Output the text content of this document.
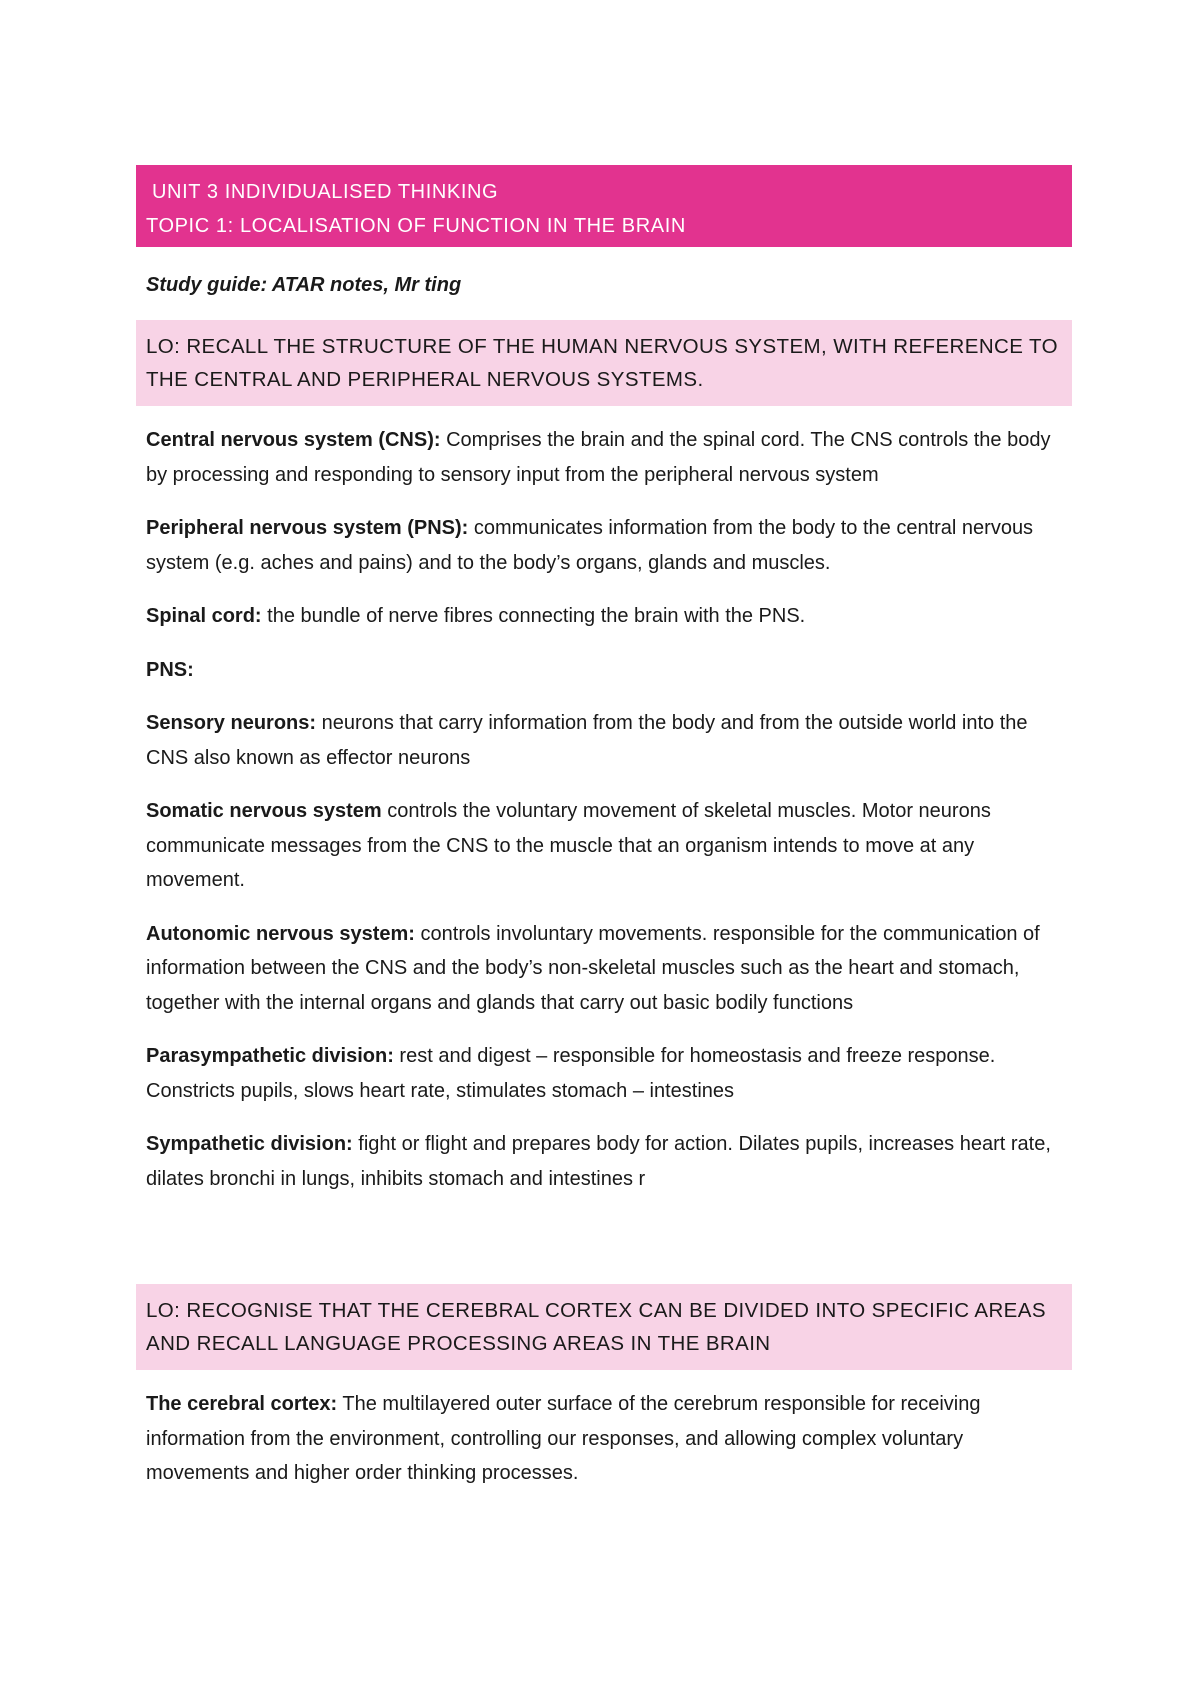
UNIT 3 INDIVIDUALISED THINKING
TOPIC 1: LOCALISATION OF FUNCTION IN THE BRAIN
Study guide: ATAR notes, Mr ting
LO: RECALL THE STRUCTURE OF THE HUMAN NERVOUS SYSTEM, WITH REFERENCE TO THE CENTRAL AND PERIPHERAL NERVOUS SYSTEMS.
Central nervous system (CNS): Comprises the brain and the spinal cord. The CNS controls the body by processing and responding to sensory input from the peripheral nervous system
Peripheral nervous system (PNS): communicates information from the body to the central nervous system (e.g. aches and pains) and to the body’s organs, glands and muscles.
Spinal cord: the bundle of nerve fibres connecting the brain with the PNS.
PNS:
Sensory neurons: neurons that carry information from the body and from the outside world into the CNS also known as effector neurons
Somatic nervous system controls the voluntary movement of skeletal muscles. Motor neurons communicate messages from the CNS to the muscle that an organism intends to move at any movement.
Autonomic nervous system: controls involuntary movements. responsible for the communication of information between the CNS and the body’s non-skeletal muscles such as the heart and stomach, together with the internal organs and glands that carry out basic bodily functions
Parasympathetic division: rest and digest – responsible for homeostasis and freeze response. Constricts pupils, slows heart rate, stimulates stomach – intestines
Sympathetic division: fight or flight and prepares body for action. Dilates pupils, increases heart rate, dilates bronchi in lungs, inhibits stomach and intestines r
LO: RECOGNISE THAT THE CEREBRAL CORTEX CAN BE DIVIDED INTO SPECIFIC AREAS AND RECALL LANGUAGE PROCESSING AREAS IN THE BRAIN
The cerebral cortex: The multilayered outer surface of the cerebrum responsible for receiving information from the environment, controlling our responses, and allowing complex voluntary movements and higher order thinking processes.
